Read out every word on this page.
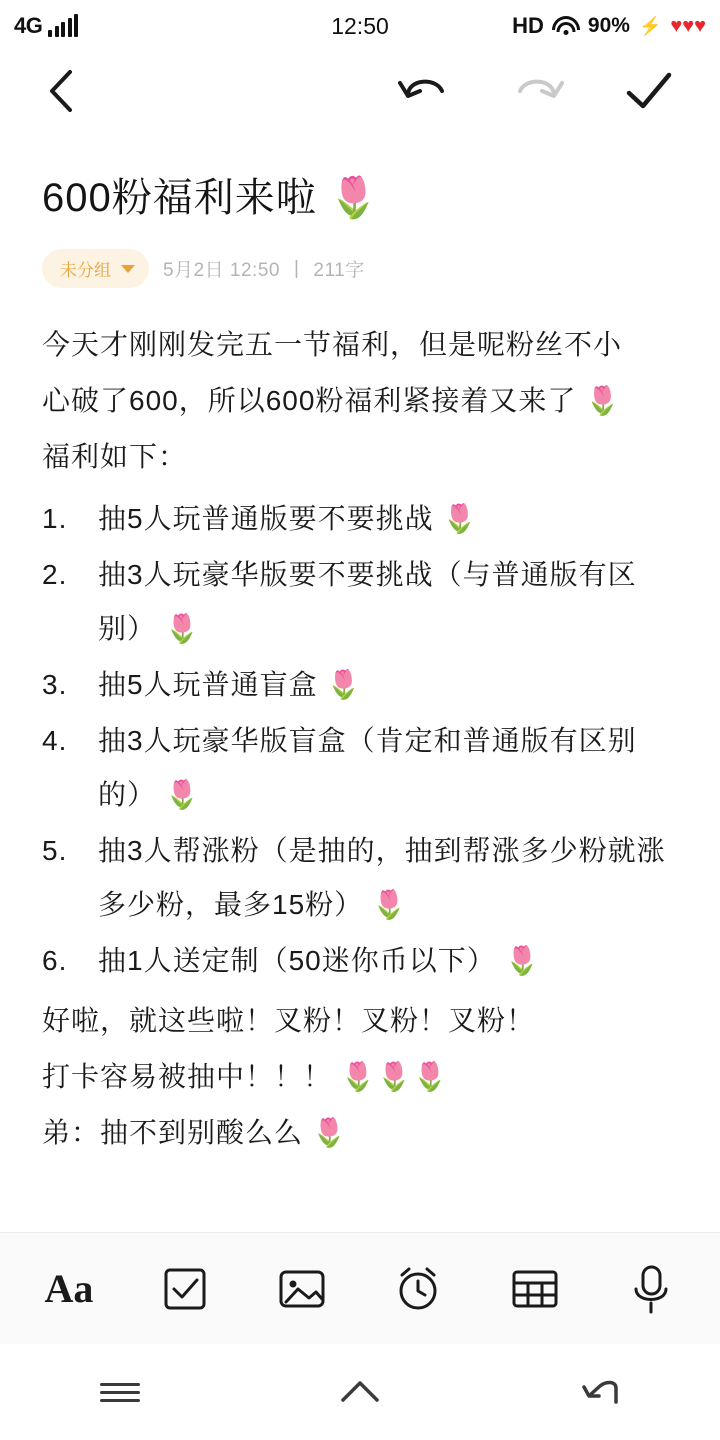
4G	12:50	HD 90% ⚡ ♥♥♥
600粉福利来啦 🌷
未分组	5月2日 12:50 | 211字

今天才刚刚发完五一节福利，但是呢粉丝不小

心破了600，所以600粉福利紧接着又来了 🌷

福利如下：

1.	抽5人玩普通版要不要挑战 🌷
2.	抽3人玩豪华版要不要挑战（与普通版有区别） 🌷
3.	抽5人玩普通盲盒 🌷
4.	抽3人玩豪华版盲盒（肯定和普通版有区别的） 🌷
5.	抽3人帮涨粉（是抽的，抽到帮涨多少粉就涨多少粉，最多15粉） 🌷
6.	抽1人送定制（50迷你币以下） 🌷

好啦，就这些啦！叉粉！叉粉！叉粉！

打卡容易被抽中！！！ 🌷🌷🌷

弟：抽不到别酸么么 🌷

Aa
